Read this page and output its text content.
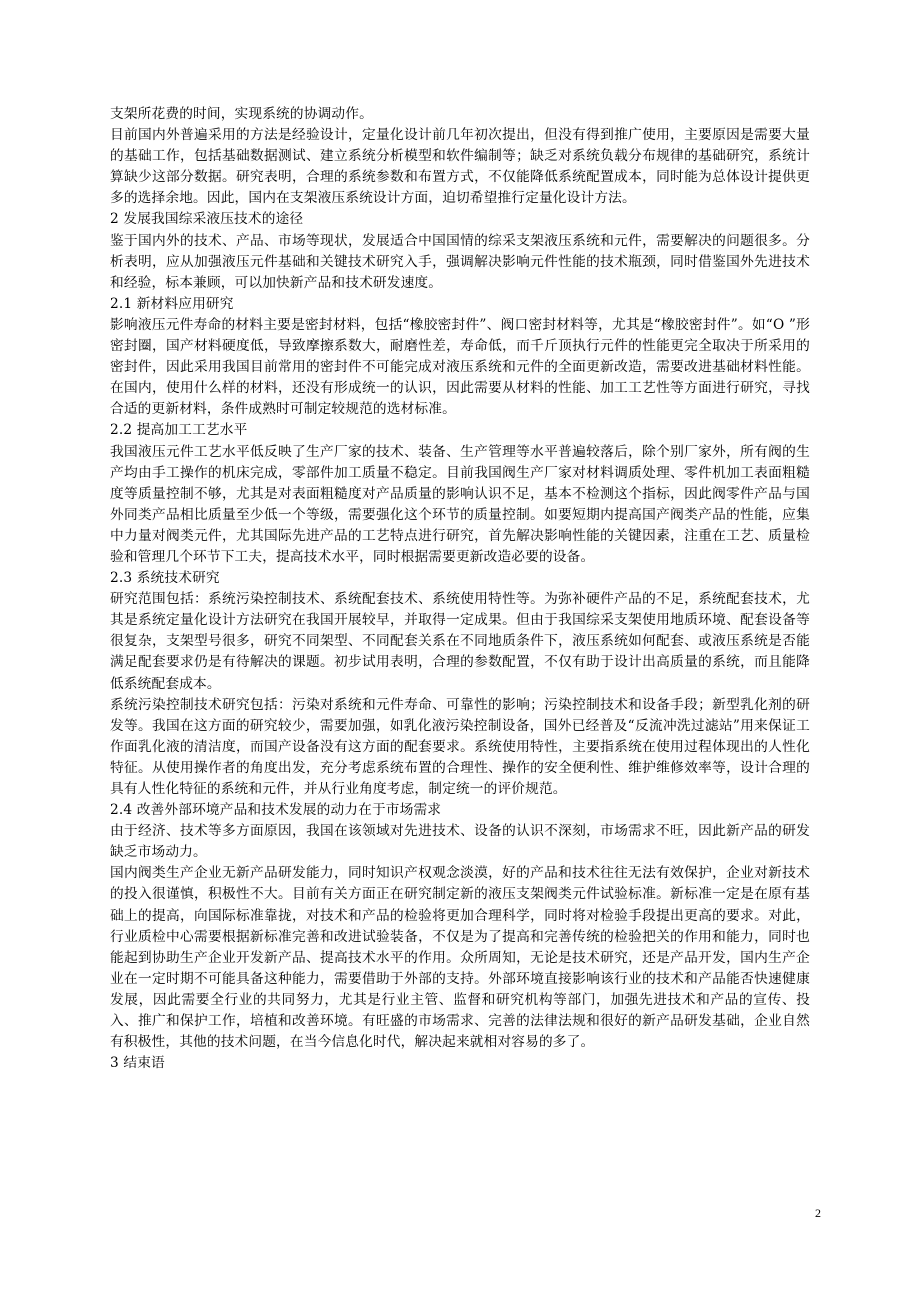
支架所花费的时间，实现系统的协调动作。

目前国内外普遍采用的方法是经验设计，定量化设计前几年初次提出，但没有得到推广使用，主要原因是需要大量的基础工作，包括基础数据测试、建立系统分析模型和软件编制等；缺乏对系统负载分布规律的基础研究，系统计算缺少这部分数据。研究表明，合理的系统参数和布置方式，不仅能降低系统配置成本，同时能为总体设计提供更多的选择余地。因此，国内在支架液压系统设计方面，迫切希望推行定量化设计方法。

2 发展我国综采液压技术的途径

鉴于国内外的技术、产品、市场等现状，发展适合中国国情的综采支架液压系统和元件，需要解决的问题很多。分析表明，应从加强液压元件基础和关键技术研究入手，强调解决影响元件性能的技术瓶颈，同时借鉴国外先进技术和经验，标本兼顾，可以加快新产品和技术研发速度。

2.1 新材料应用研究

影响液压元件寿命的材料主要是密封材料，包括“橡胶密封件”、阀口密封材料等，尤其是“橡胶密封件”。如“O ”形密封圈，国产材料硬度低，导致摩擦系数大，耐磨性差，寿命低，而千斤顶执行元件的性能更完全取决于所采用的密封件，因此采用我国目前常用的密封件不可能完成对液压系统和元件的全面更新改造，需要改进基础材料性能。在国内，使用什么样的材料，还没有形成统一的认识，因此需要从材料的性能、加工工艺性等方面进行研究，寻找合适的更新材料，条件成熟时可制定较规范的选材标准。

2.2 提高加工工艺水平

我国液压元件工艺水平低反映了生产厂家的技术、装备、生产管理等水平普遍较落后，除个别厂家外，所有阀的生产均由手工操作的机床完成，零部件加工质量不稳定。目前我国阀生产厂家对材料调质处理、零件机加工表面粗糙度等质量控制不够，尤其是对表面粗糙度对产品质量的影响认识不足，基本不检测这个指标，因此阀零件产品与国外同类产品相比质量至少低一个等级，需要强化这个环节的质量控制。如要短期内提高国产阀类产品的性能，应集中力量对阀类元件，尤其国际先进产品的工艺特点进行研究，首先解决影响性能的关键因素，注重在工艺、质量检验和管理几个环节下工夫，提高技术水平，同时根据需要更新改造必要的设备。

2.3 系统技术研究

研究范围包括：系统污染控制技术、系统配套技术、系统使用特性等。为弥补硬件产品的不足，系统配套技术，尤其是系统定量化设计方法研究在我国开展较早，并取得一定成果。但由于我国综采支架使用地质环境、配套设备等很复杂，支架型号很多，研究不同架型、不同配套关系在不同地质条件下，液压系统如何配套、或液压系统是否能满足配套要求仍是有待解决的课题。初步试用表明，合理的参数配置，不仅有助于设计出高质量的系统，而且能降低系统配套成本。

系统污染控制技术研究包括：污染对系统和元件寿命、可靠性的影响；污染控制技术和设备手段；新型乳化剂的研发等。我国在这方面的研究较少，需要加强，如乳化液污染控制设备，国外已经普及“反流冲洗过滤站”用来保证工作面乳化液的清洁度，而国产设备没有这方面的配套要求。系统使用特性，主要指系统在使用过程体现出的人性化特征。从使用操作者的角度出发，充分考虑系统布置的合理性、操作的安全便利性、维护维修效率等，设计合理的具有人性化特征的系统和元件，并从行业角度考虑，制定统一的评价规范。

2.4 改善外部环境产品和技术发展的动力在于市场需求

由于经济、技术等多方面原因，我国在该领域对先进技术、设备的认识不深刻，市场需求不旺，因此新产品的研发缺乏市场动力。

国内阀类生产企业无新产品研发能力，同时知识产权观念淡漠，好的产品和技术往往无法有效保护，企业对新技术的投入很谨慎，积极性不大。目前有关方面正在研究制定新的液压支架阀类元件试验标准。新标准一定是在原有基础上的提高，向国际标准靠拢，对技术和产品的检验将更加合理科学，同时将对检验手段提出更高的要求。对此，行业质检中心需要根据新标准完善和改进试验装备，不仅是为了提高和完善传统的检验把关的作用和能力，同时也能起到协助生产企业开发新产品、提高技术水平的作用。众所周知，无论是技术研究，还是产品开发，国内生产企业在一定时期不可能具备这种能力，需要借助于外部的支持。外部环境直接影响该行业的技术和产品能否快速健康发展，因此需要全行业的共同努力，尤其是行业主管、监督和研究机构等部门，加强先进技术和产品的宣传、投入、推广和保护工作，培植和改善环境。有旺盛的市场需求、完善的法律法规和很好的新产品研发基础，企业自然有积极性，其他的技术问题，在当今信息化时代，解决起来就相对容易的多了。

3 结束语
2
